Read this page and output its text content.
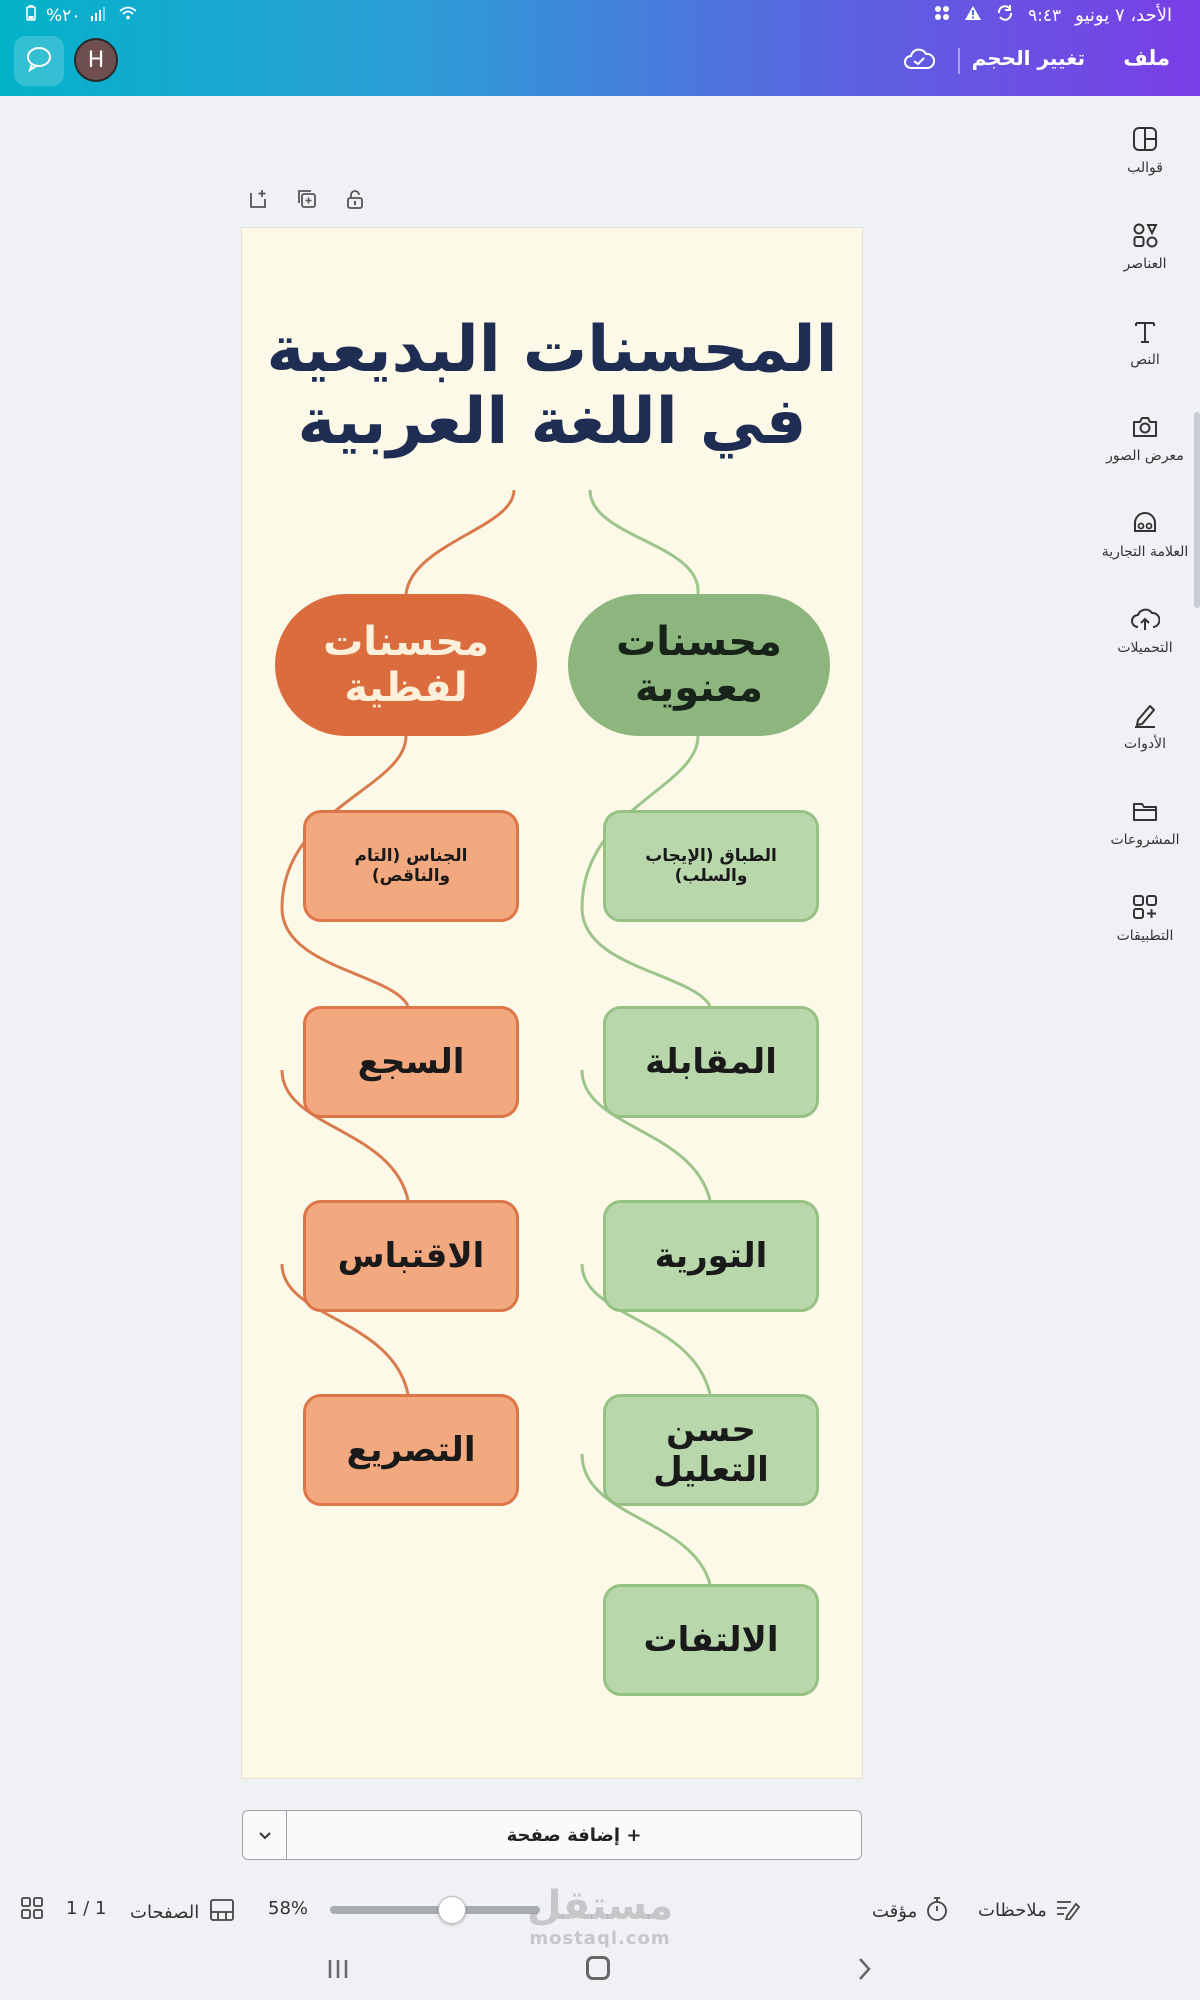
%٢٠	الأحد، ٧ يونيو
٩:٤٣
H	تغيير الحجم ملف
قوالب
العناصر
النص
معرض الصور
العلامة التجارية
التحميلات
الأدوات
المشروعات
التطبيقات
المحسنات البديعية
في اللغة العربية
محسنات
لفظية
محسنات
معنوية
الجناس (التام
والناقص)
السجع
الاقتباس
التصريع
الطباق (الإيجاب
والسلب)
المقابلة
التورية
حسن التعليل
الالتفات
+ إضافة صفحة
1 / 1 الصفحات	58%	مؤقت	ملاحظات
مستقل
mostaql.com
